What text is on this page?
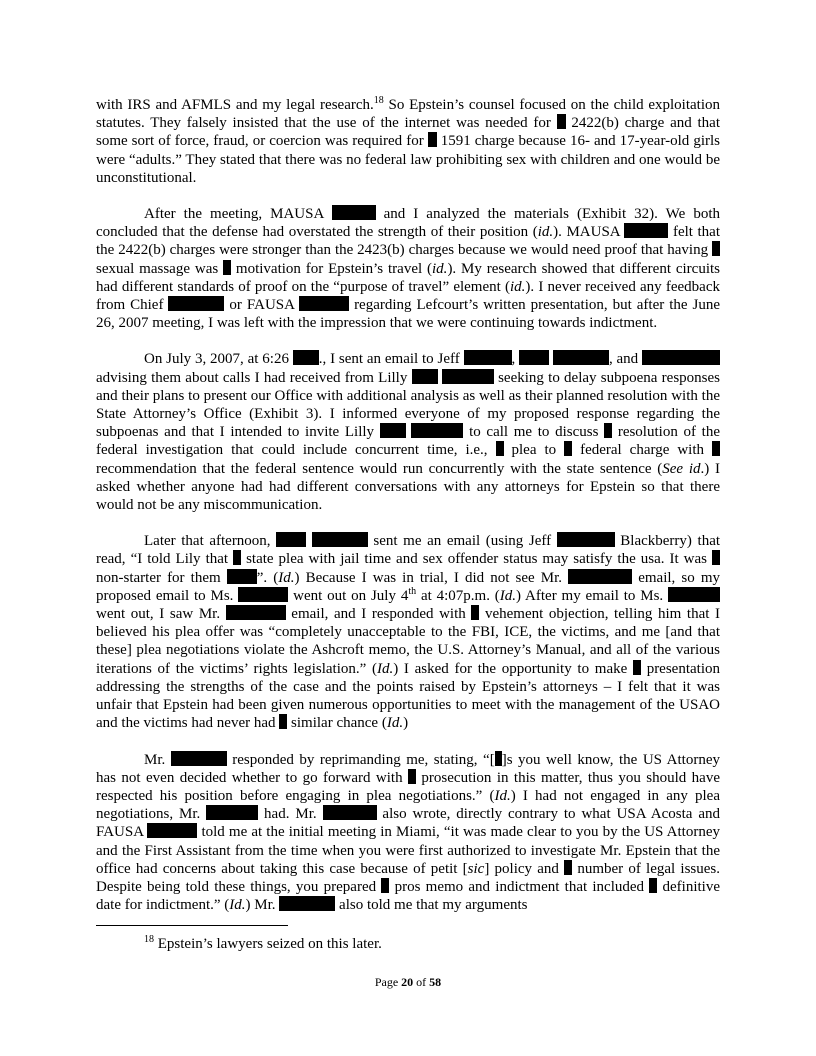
with IRS and AFMLS and my legal research.$^{18}$ So Epstein’s counsel focused on the child exploitation statutes. They falsely insisted that the use of the internet was needed for  2422(b) charge and that some sort of force, fraud, or coercion was required for  1591 charge because 16- and 17-year-old girls were “adults.” They stated that there was no federal law prohibiting sex with children and one would be unconstitutional.

After the meeting, MAUSA	and I analyzed the materials (Exhibit 32). We both concluded that the defense had overstated the strength of their position (id.). MAUSA	felt that the 2422(b) charges were stronger than the 2423(b) charges because we would need proof that having  sexual massage was  motivation for Epstein’s travel (id.). My research showed that different circuits had different standards of proof on the “purpose of travel” element (id.). I never received any feedback from Chief	or FAUSA	regarding Lefcourt’s written presentation, but after the June 26, 2007 meeting, I was left with the impression that we were continuing towards indictment.

On July 3, 2007, at 6:26 ., I sent an email to Jeff	,	, and  advising them about calls I had received from Lilly	seeking to delay subpoena responses and their plans to present our Office with additional analysis as well as their planned resolution with the State Attorney’s Office (Exhibit 3). I informed everyone of my proposed response regarding the subpoenas and that I intended to invite Lilly	to call me to discuss  resolution of the federal investigation that could include concurrent time, i.e.,  plea to  federal charge with  recommendation that the federal sentence would run concurrently with the state sentence (See id.) I asked whether anyone had had different conversations with any attorneys for Epstein so that there would not be any miscommunication.

Later that afternoon,	sent me an email (using Jeff	Blackberry) that read, “I told Lily that  state plea with jail time and sex offender status may satisfy the usa. It was  non-starter for them ”. (Id.) Because I was in trial, I did not see Mr.	email, so my proposed email to Ms.	went out on July 4th at 4:07p.m. (Id.) After my email to Ms.  went out, I saw Mr.	email, and I responded with  vehement objection, telling him that I believed his plea offer was “completely unacceptable to the FBI, ICE, the victims, and me [and that these] plea negotiations violate the Ashcroft memo, the U.S. Attorney’s Manual, and all of the various iterations of the victims’ rights legislation.” (Id.) I asked for the opportunity to make  presentation addressing the strengths of the case and the points raised by Epstein’s attorneys – I felt that it was unfair that Epstein had been given numerous opportunities to meet with the management of the USAO and the victims had never had  similar chance (Id.)

Mr.	responded by reprimanding me, stating, “[ ]s you well know, the US Attorney has not even decided whether to go forward with  prosecution in this matter, thus you should have respected his position before engaging in plea negotiations.” (Id.) I had not engaged in any plea negotiations, Mr.	had. Mr.	also wrote, directly contrary to what USA Acosta and FAUSA	told me at the initial meeting in Miami, “it was made clear to you by the US Attorney and the First Assistant from the time when you were first authorized to investigate Mr. Epstein that the office had concerns about taking this case because of petit [sic] policy and  number of legal issues. Despite being told these things, you prepared  pros memo and indictment that included  definitive date for indictment.” (Id.) Mr.	also told me that my arguments

$^{18}$ Epstein’s lawyers seized on this later.
Page 20 of 58
